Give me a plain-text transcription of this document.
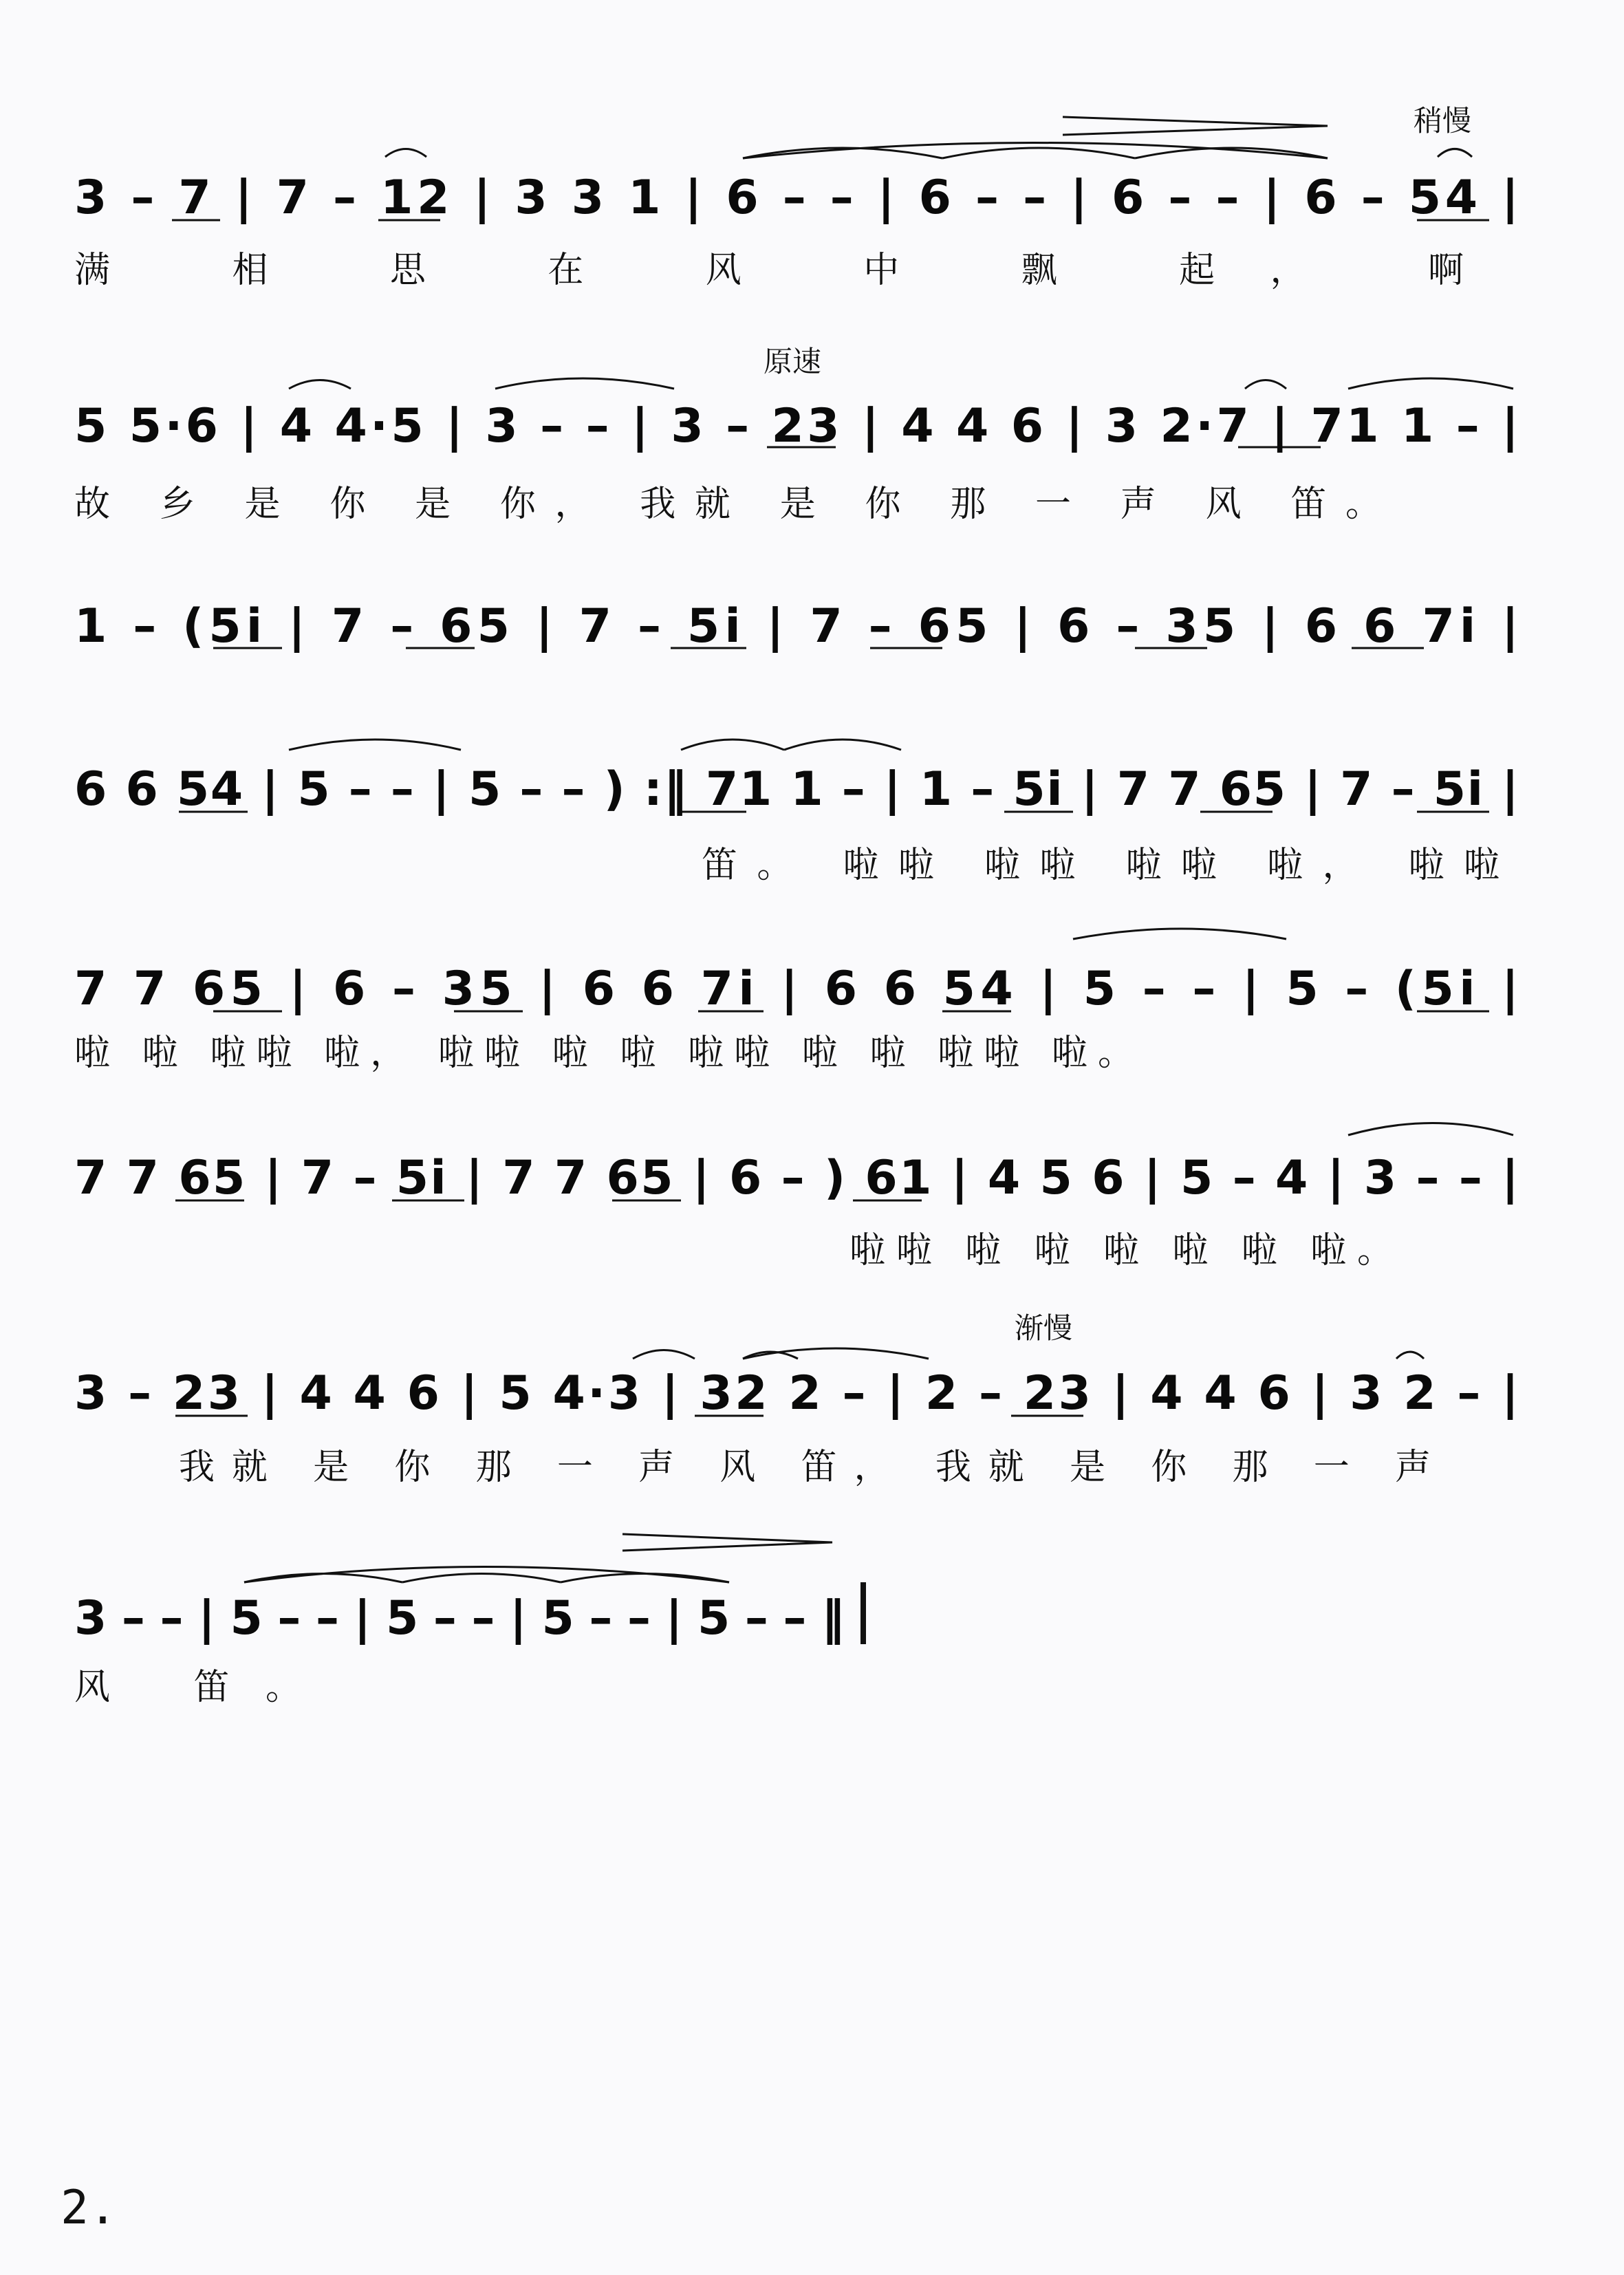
稍慢
原速
渐慢
3 – 7 | 7 – 12 | 3 3 1 | 6 – – | 6 – – | 6 – – | 6 – 54 |
满 相 思 在 风 中 飘 起， 啊
5 5·6 | 4 4·5 | 3 – – | 3 – 23 | 4 4 6 | 3 2·7 | 71 1 – |
故 乡 是 你 是 你， 我就 是 你 那 一 声 风 笛。
1 – (5i | 7 – 65 | 7 – 5i | 7 – 65 | 6 – 35 | 6 6 7i |
6 6 54 | 5 – – | 5 – – ) :‖ 71 1 – | 1 – 5i | 7 7 65 | 7 – 5i |
笛。 啦啦 啦啦 啦啦 啦， 啦啦
7 7 65 | 6 – 35 | 6 6 7i | 6 6 54 | 5 – – | 5 – (5i |
啦 啦 啦啦 啦， 啦啦 啦 啦 啦啦 啦 啦 啦啦 啦。
7 7 65 | 7 – 5i | 7 7 65 | 6 – ) 61 | 4 5 6 | 5 – 4 | 3 – – |
啦啦 啦 啦 啦 啦 啦 啦。
3 – 23 | 4 4 6 | 5 4·3 | 32 2 – | 2 – 23 | 4 4 6 | 3 2 – |
我就 是 你 那 一 声 风 笛， 我就 是 你 那 一 声
3 – – | 5 – – | 5 – – | 5 – – | 5 – – ‖
风 笛。
2.
